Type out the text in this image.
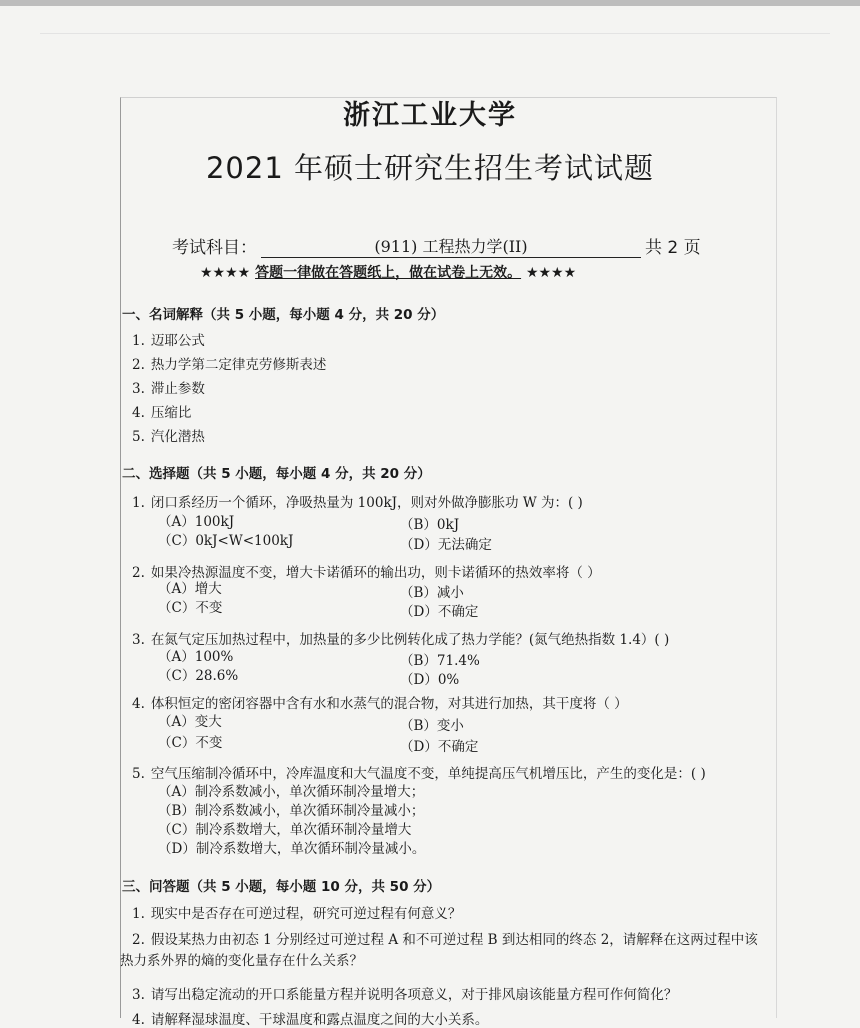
浙江工业大学

2021 年硕士研究生招生考试试题

考试科目：	(911) 工程热力学(II)	共 2 页
★★★★ 答题一律做在答题纸上，做在试卷上无效。 ★★★★
一、名词解释（共 5 小题，每小题 4 分，共 20 分）
1. 迈耶公式
2. 热力学第二定律克劳修斯表述
3. 滞止参数
4. 压缩比
5. 汽化潜热
二、选择题（共 5 小题，每小题 4 分，共 20 分）
1. 闭口系经历一个循环，净吸热量为 100kJ，则对外做净膨胀功 W 为：( )
（A）100kJ	（B）0kJ
（C）0kJ<W<100kJ	（D）无法确定
2. 如果冷热源温度不变，增大卡诺循环的输出功，则卡诺循环的热效率将（ ）
（A）增大	（B）减小
（C）不变	（D）不确定
3. 在氮气定压加热过程中，加热量的多少比例转化成了热力学能？(氮气绝热指数 1.4）( )
（A）100%	（B）71.4%
（C）28.6%	（D）0%
4. 体积恒定的密闭容器中含有水和水蒸气的混合物，对其进行加热，其干度将（ ）
（A）变大	（B）变小
（C）不变	（D）不确定
5. 空气压缩制冷循环中，冷库温度和大气温度不变，单纯提高压气机增压比，产生的变化是：( )
（A）制冷系数减小，单次循环制冷量增大；
（B）制冷系数减小，单次循环制冷量减小；
（C）制冷系数增大，单次循环制冷量增大
（D）制冷系数增大，单次循环制冷量减小。
三、问答题（共 5 小题，每小题 10 分，共 50 分）
1. 现实中是否存在可逆过程，研究可逆过程有何意义？
2. 假设某热力由初态 1 分别经过可逆过程 A 和不可逆过程 B 到达相同的终态 2，请解释在这两过程中该热力系外界的熵的变化量存在什么关系？
3. 请写出稳定流动的开口系能量方程并说明各项意义，对于排风扇该能量方程可作何简化？
4. 请解释湿球温度、干球温度和露点温度之间的大小关系。
